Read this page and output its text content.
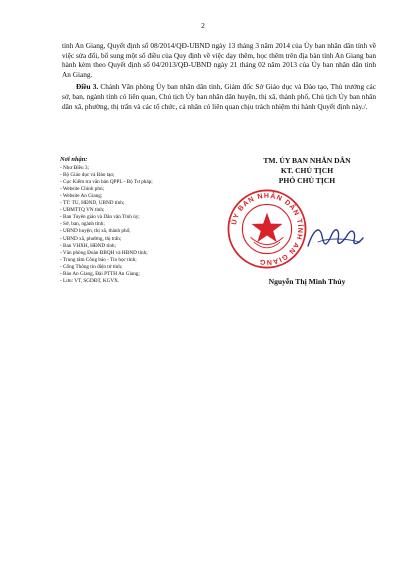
2

tỉnh An Giang, Quyết định số 08/2014/QĐ-UBND ngày 13 tháng 3 năm 2014 của Ủy ban nhân dân tỉnh về việc sửa đổi, bổ sung một số điều của Quy định về việc dạy thêm, học thêm trên địa bàn tỉnh An Giang ban hành kèm theo Quyết định số 04/2013/QĐ-UBND ngày 21 tháng 02 năm 2013 của Ủy ban nhân dân tỉnh An Giang.

Điều 3. Chánh Văn phòng Ủy ban nhân dân tỉnh, Giám đốc Sở Giáo dục và Đào tạo, Thủ trưởng các sở, ban, ngành tỉnh có liên quan, Chủ tịch Ủy ban nhân dân huyện, thị xã, thành phố, Chủ tịch Ủy ban nhân dân xã, phường, thị trấn và các tổ chức, cá nhân có liên quan chịu trách nhiệm thi hành Quyết định này./.

Nơi nhận:
- Như Điều 3;
- Bộ Giáo dục và Đào tạo;
- Cục Kiểm tra văn bản QPPL - Bộ Tư pháp;
- Website Chính phủ;
- Website An Giang;
- TT: TU, HĐND, UBND tỉnh;
- UBMTTQ VN tỉnh;
- Ban Tuyên giáo và Dân vận Tỉnh ủy;
- Sở, ban, ngành tỉnh;
- UBND huyện, thị xã, thành phố;
- UBND xã, phường, thị trấn;
- Ban VHXH, HĐND tỉnh;
- Văn phòng Đoàn ĐBQH và HĐND tỉnh;
- Trung tâm Công báo - Tin học tỉnh;
- Cổng Thông tin điện tử tỉnh;
- Báo An Giang, Đài PTTH An Giang;
- Lưu: VT, SGDĐT, KGVX.
TM. ỦY BAN NHÂN DÂN
KT. CHỦ TỊCH
PHÓ CHỦ TỊCH
ỦY BAN NHÂN DÂN TỈNH AN GIANG
Nguyễn Thị Minh Thúy
